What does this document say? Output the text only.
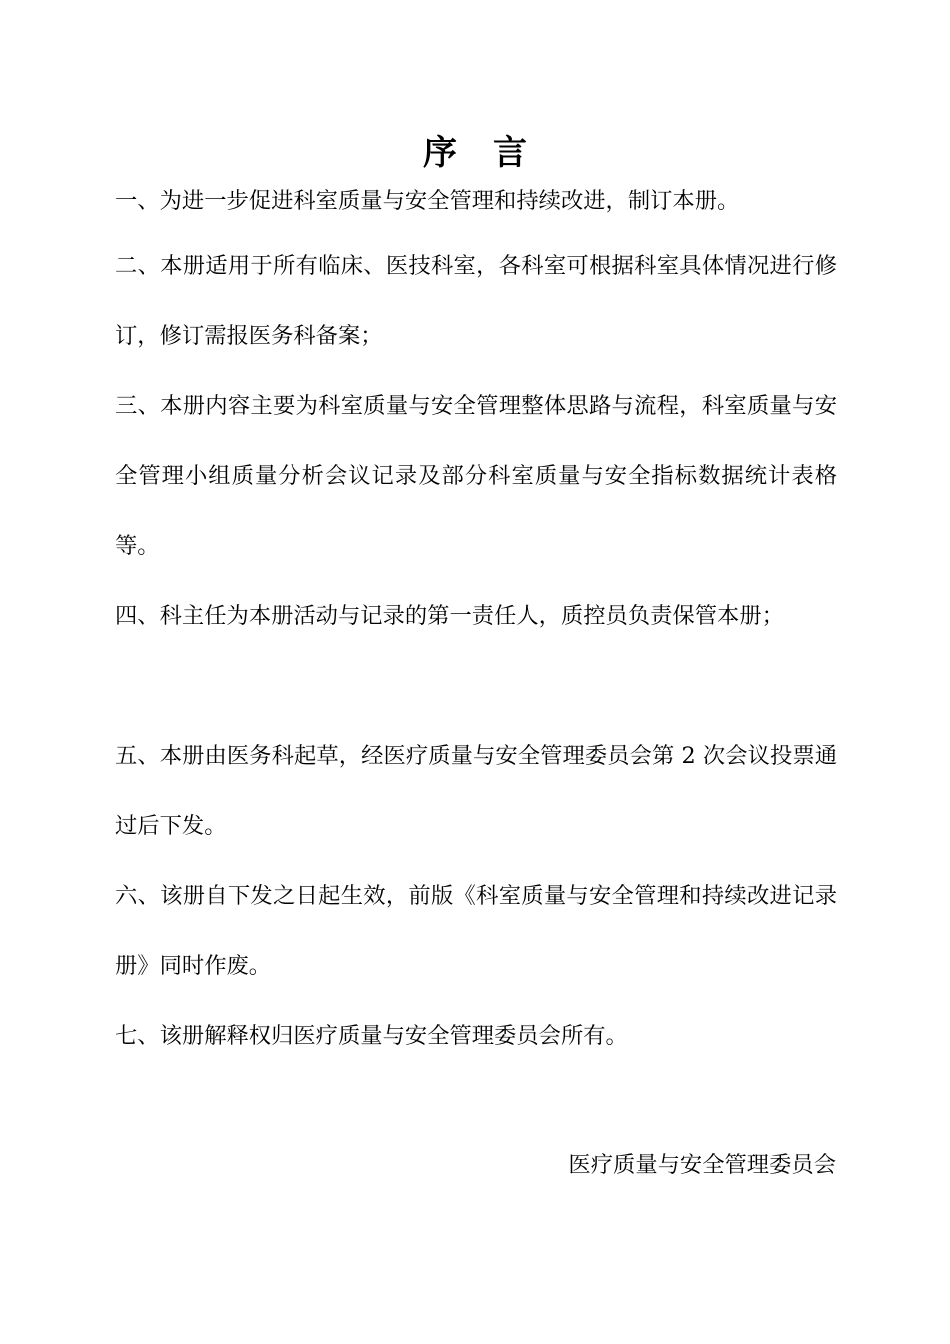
序言
一、为进一步促进科室质量与安全管理和持续改进，制订本册。
二、本册适用于所有临床、医技科室，各科室可根据科室具体情况进行修订，修订需报医务科备案；
三、本册内容主要为科室质量与安全管理整体思路与流程，科室质量与安全管理小组质量分析会议记录及部分科室质量与安全指标数据统计表格等。
四、科主任为本册活动与记录的第一责任人，质控员负责保管本册；
五、本册由医务科起草，经医疗质量与安全管理委员会第 2 次会议投票通过后下发。
六、该册自下发之日起生效，前版《科室质量与安全管理和持续改进记录册》同时作废。
七、该册解释权归医疗质量与安全管理委员会所有。
医疗质量与安全管理委员会
